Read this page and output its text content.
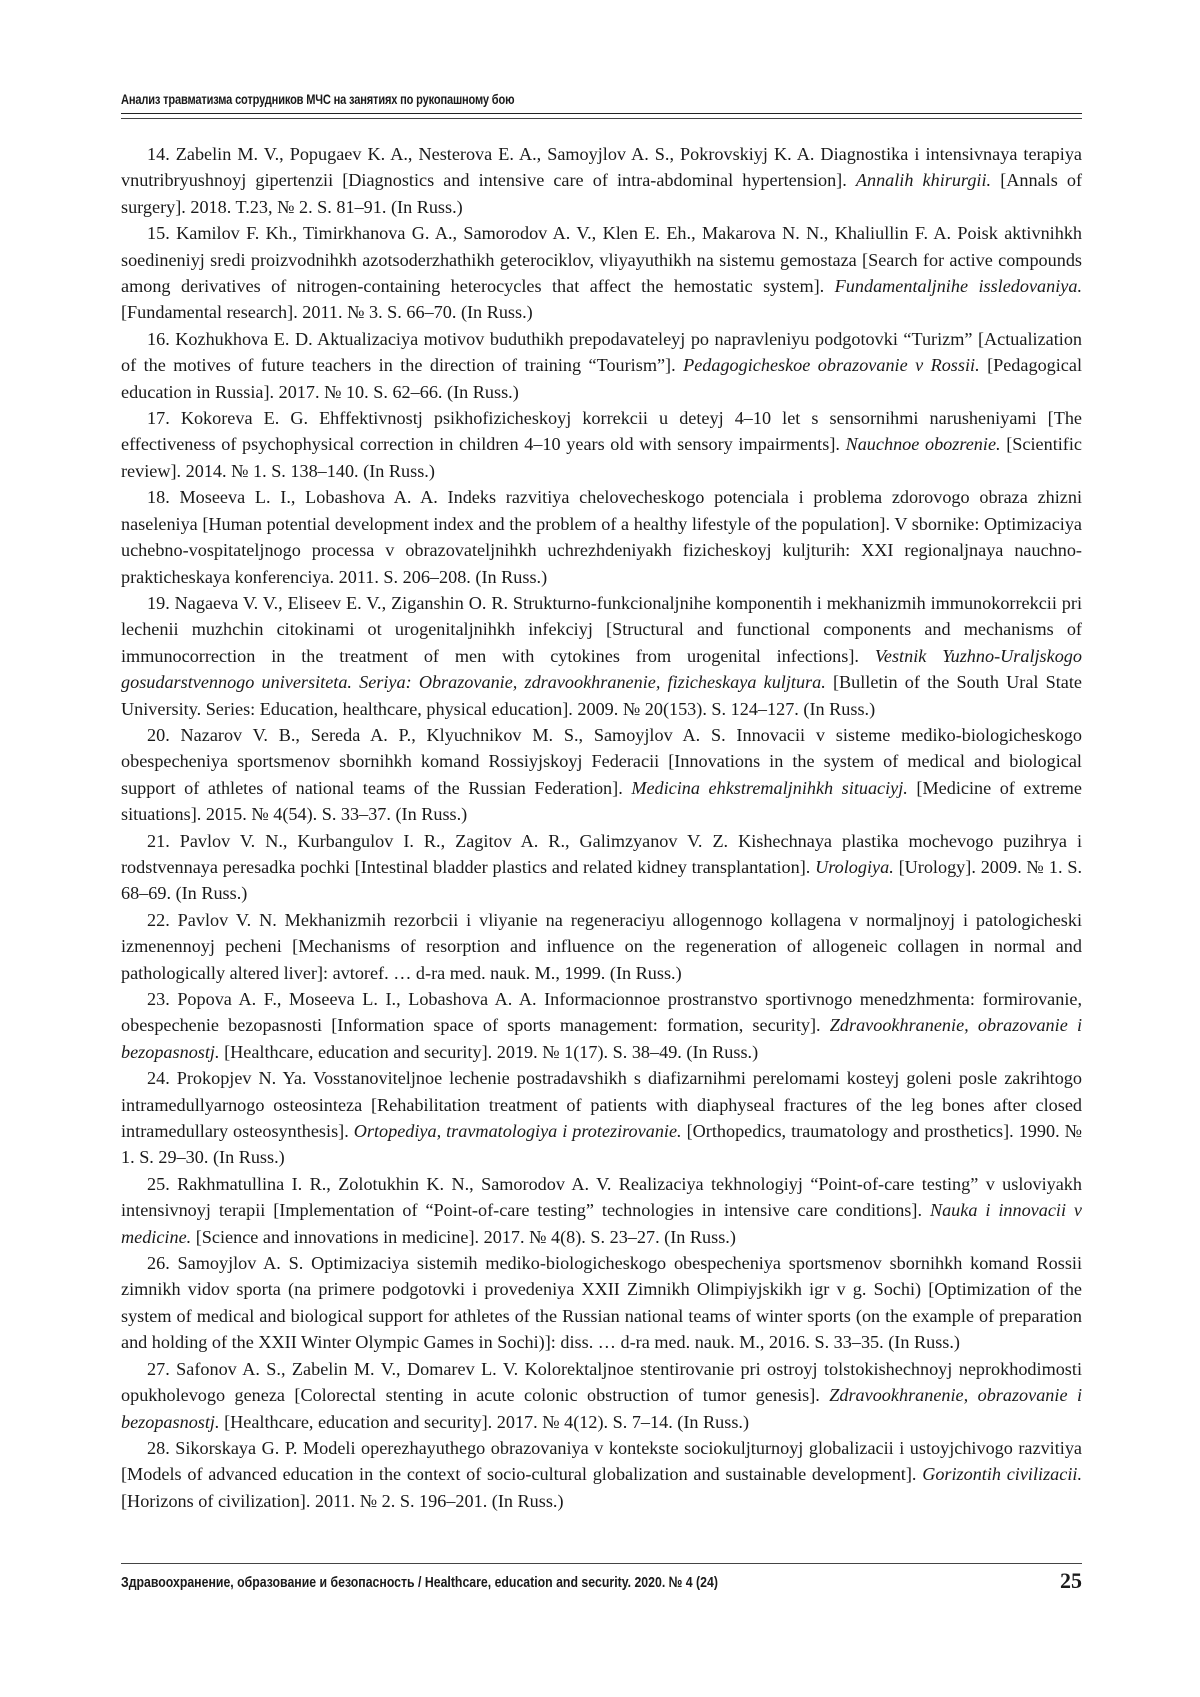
Анализ травматизма сотрудников МЧС на занятиях по рукопашному бою

14. Zabelin M. V., Popugaev K. A., Nesterova E. A., Samoyjlov A. S., Pokrovskiyj K. A. Diagnostika i intensivnaya terapiya vnutribryushnoyj gipertenzii [Diagnostics and intensive care of intra-abdominal hypertension]. Annalih khirurgii. [Annals of surgery]. 2018. T.23, № 2. S. 81–91. (In Russ.)

15. Kamilov F. Kh., Timirkhanova G. A., Samorodov A. V., Klen E. Eh., Makarova N. N., Khaliullin F. A. Poisk aktivnihkh soedineniyj sredi proizvodnihkh azotsoderzhathikh geterociklov, vliyayuthikh na sistemu gemostaza [Search for active compounds among derivatives of nitrogen-containing heterocycles that affect the hemostatic system]. Fundamentaljnihe issledovaniya. [Fundamental research]. 2011. № 3. S. 66–70. (In Russ.)

16. Kozhukhova E. D. Aktualizaciya motivov buduthikh prepodavateleyj po napravleniyu podgotovki “Turizm” [Actualization of the motives of future teachers in the direction of training “Tourism”]. Pedagogicheskoe obrazovanie v Rossii. [Pedagogical education in Russia]. 2017. № 10. S. 62–66. (In Russ.)

17. Kokoreva E. G. Ehffektivnostj psikhofizicheskoyj korrekcii u deteyj 4–10 let s sensornihmi narusheniyami [The effectiveness of psychophysical correction in children 4–10 years old with sensory impairments]. Nauchnoe obozrenie. [Scientific review]. 2014. № 1. S. 138–140. (In Russ.)

18. Moseeva L. I., Lobashova A. A. Indeks razvitiya chelovecheskogo potenciala i problema zdorovogo obraza zhizni naseleniya [Human potential development index and the problem of a healthy lifestyle of the population]. V sbornike: Optimizaciya uchebno-vospitateljnogo processa v obrazovateljnihkh uchrezhdeniyakh fizicheskoyj kuljturih: XXI regionaljnaya nauchno-prakticheskaya konferenciya. 2011. S. 206–208. (In Russ.)

19. Nagaeva V. V., Eliseev E. V., Ziganshin O. R. Strukturno-funkcionaljnihe komponentih i mekhanizmih immunokorrekcii pri lechenii muzhchin citokinami ot urogenitaljnihkh infekciyj [Structural and functional components and mechanisms of immunocorrection in the treatment of men with cytokines from urogenital infections]. Vestnik Yuzhno-Uraljskogo gosudarstvennogo universiteta. Seriya: Obrazovanie, zdravookhranenie, fizicheskaya kuljtura. [Bulletin of the South Ural State University. Series: Education, healthcare, physical education]. 2009. № 20(153). S. 124–127. (In Russ.)

20. Nazarov V. B., Sereda A. P., Klyuchnikov M. S., Samoyjlov A. S. Innovacii v sisteme mediko-biologicheskogo obespecheniya sportsmenov sbornihkh komand Rossiyjskoyj Federacii [Innovations in the system of medical and biological support of athletes of national teams of the Russian Federation]. Medicina ehkstremaljnihkh situaciyj. [Medicine of extreme situations]. 2015. № 4(54). S. 33–37. (In Russ.)

21. Pavlov V. N., Kurbangulov I. R., Zagitov A. R., Galimzyanov V. Z. Kishechnaya plastika mochevogo puzihrya i rodstvennaya peresadka pochki [Intestinal bladder plastics and related kidney transplantation]. Urologiya. [Urology]. 2009. № 1. S. 68–69. (In Russ.)

22. Pavlov V. N. Mekhanizmih rezorbcii i vliyanie na regeneraciyu allogennogo kollagena v normaljnoyj i patologicheski izmenennoyj pecheni [Mechanisms of resorption and influence on the regeneration of allogeneic collagen in normal and pathologically altered liver]: avtoref. … d-ra med. nauk. M., 1999. (In Russ.)

23. Popova A. F., Moseeva L. I., Lobashova A. A. Informacionnoe prostranstvo sportivnogo menedzhmenta: formirovanie, obespechenie bezopasnosti [Information space of sports management: formation, security]. Zdravookhranenie, obrazovanie i bezopasnostj. [Healthcare, education and security]. 2019. № 1(17). S. 38–49. (In Russ.)

24. Prokopjev N. Ya. Vosstanoviteljnoe lechenie postradavshikh s diafizarnihmi perelomami kosteyj goleni posle zakrihtogo intramedullyarnogo osteosinteza [Rehabilitation treatment of patients with diaphyseal fractures of the leg bones after closed intramedullary osteosynthesis]. Ortopediya, travmatologiya i protezirovanie. [Orthopedics, traumatology and prosthetics]. 1990. № 1. S. 29–30. (In Russ.)

25. Rakhmatullina I. R., Zolotukhin K. N., Samorodov A. V. Realizaciya tekhnologiyj “Point-of-care testing” v usloviyakh intensivnoyj terapii [Implementation of “Point-of-care testing” technologies in intensive care conditions]. Nauka i innovacii v medicine. [Science and innovations in medicine]. 2017. № 4(8). S. 23–27. (In Russ.)

26. Samoyjlov A. S. Optimizaciya sistemih mediko-biologicheskogo obespecheniya sportsmenov sbornihkh komand Rossii zimnikh vidov sporta (na primere podgotovki i provedeniya XXII Zimnikh Olimpiyjskikh igr v g. Sochi) [Optimization of the system of medical and biological support for athletes of the Russian national teams of winter sports (on the example of preparation and holding of the XXII Winter Olympic Games in Sochi)]: diss. … d-ra med. nauk. M., 2016. S. 33–35. (In Russ.)

27. Safonov A. S., Zabelin M. V., Domarev L. V. Kolorektaljnoe stentirovanie pri ostroyj tolstokishechnoyj neprokhodimosti opukholevogo geneza [Colorectal stenting in acute colonic obstruction of tumor genesis]. Zdravookhranenie, obrazovanie i bezopasnostj. [Healthcare, education and security]. 2017. № 4(12). S. 7–14. (In Russ.)

28. Sikorskaya G. P. Modeli operezhayuthego obrazovaniya v kontekste sociokuljturnoyj globalizacii i ustoyjchivogo razvitiya [Models of advanced education in the context of socio-cultural globalization and sustainable development]. Gorizontih civilizacii. [Horizons of civilization]. 2011. № 2. S. 196–201. (In Russ.)

Здравоохранение, образование и безопасность / Healthcare, education and security. 2020. № 4 (24)	25
